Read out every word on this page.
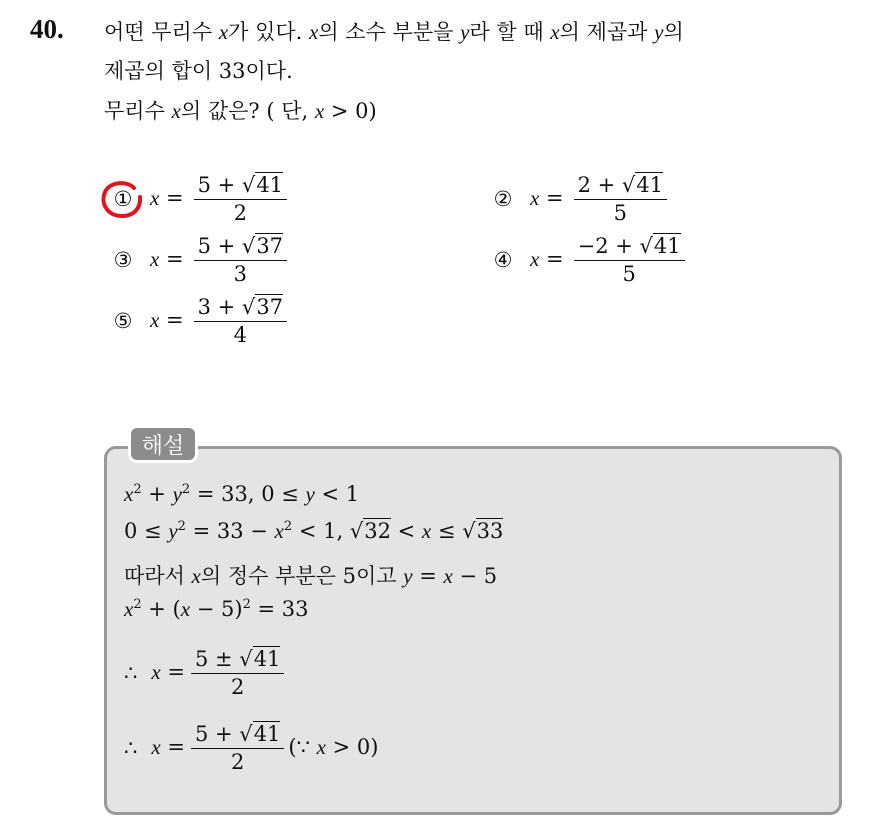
40. 어떤 무리수 x가 있다. x의 소수 부분을 y라 할 때 x의 제곱과 y의
제곱의 합이 33이다.
무리수 x의 값은? ( 단, x > 0)
① $x = \frac{5 + √41}{2}$	② $x = \frac{2 + √41}{5}$
③ $x = \frac{5 + √37}{3}$	④ $x = \frac{-2 + √41}{5}$
⑤ $x = \frac{3 + √37}{4}$
해설
$x^2 + y^2 = 33$, 0 ≤ y < 1
$0 \le y^2 = 33 - x^2 < 1$, √32 < x ≤ √33
따라서 x의 정수 부분은 5이고 y = x − 5
$x^2 + (x - 5)^2 = 33$
∴ $x = \frac{5 \pm √41}{2}$
∴ $x = \frac{5 + √41}{2}$ (∵ x > 0)
